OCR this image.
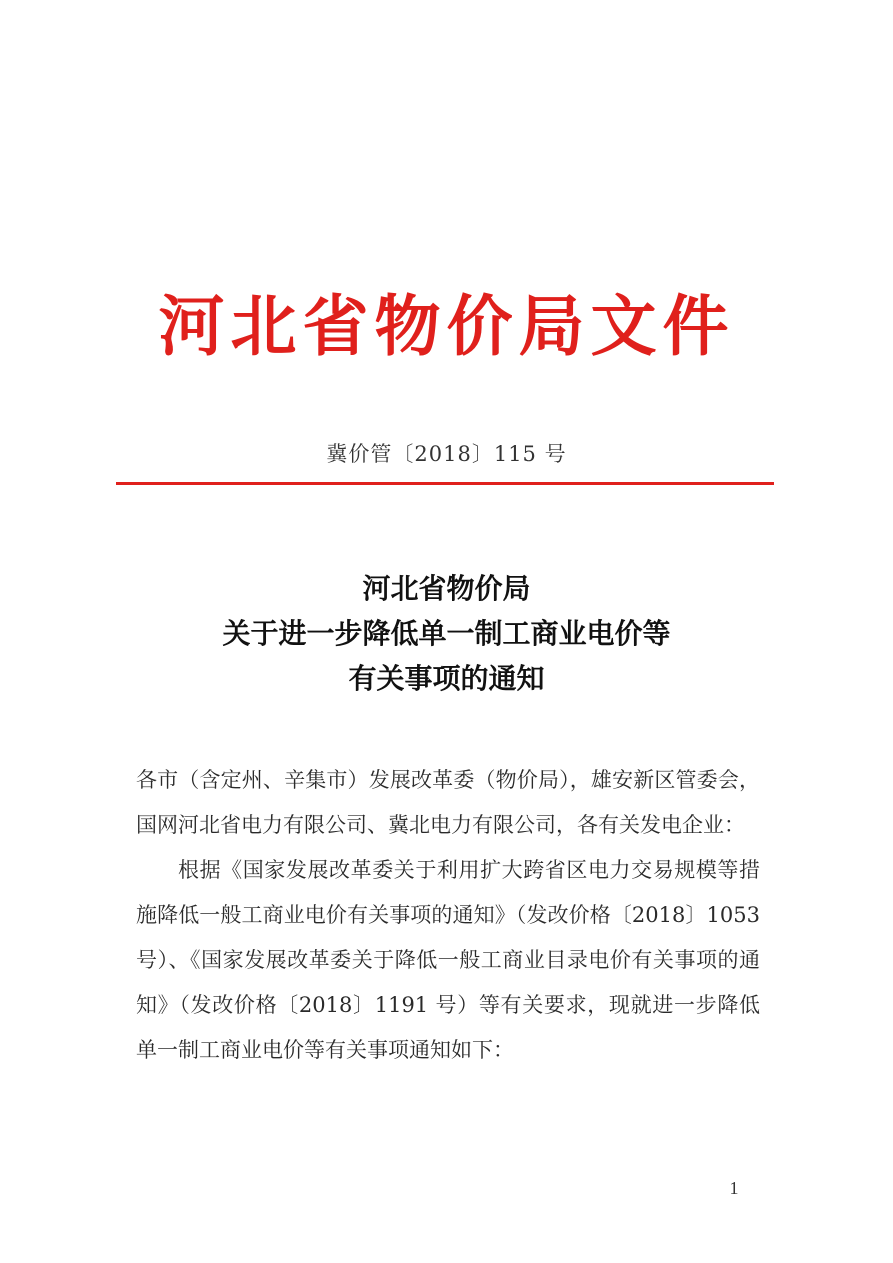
河北省物价局文件
冀价管〔2018〕115 号
河北省物价局
关于进一步降低单一制工商业电价等
有关事项的通知

各市（含定州、辛集市）发展改革委（物价局），雄安新区管委会，国网河北省电力有限公司、冀北电力有限公司，各有关发电企业：

根据《国家发展改革委关于利用扩大跨省区电力交易规模等措施降低一般工商业电价有关事项的通知》（发改价格〔2018〕1053 号）、《国家发展改革委关于降低一般工商业目录电价有关事项的通知》（发改价格〔2018〕1191 号）等有关要求，现就进一步降低单一制工商业电价等有关事项通知如下：

1
